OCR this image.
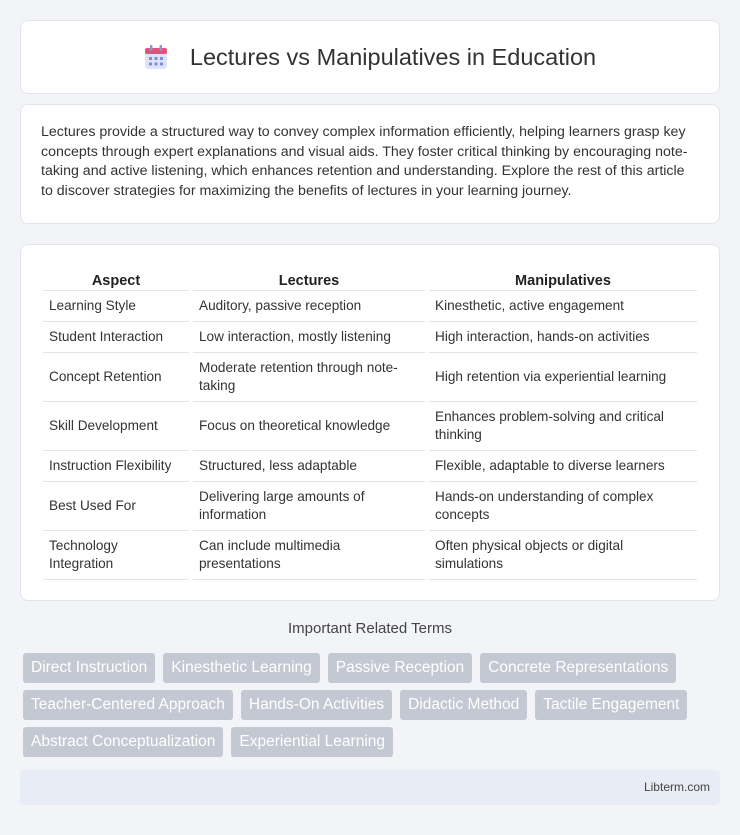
Lectures vs Manipulatives in Education

Lectures provide a structured way to convey complex information efficiently, helping learners grasp key concepts through expert explanations and visual aids. They foster critical thinking by encouraging note-taking and active listening, which enhances retention and understanding. Explore the rest of this article to discover strategies for maximizing the benefits of lectures in your learning journey.

Aspect	Lectures	Manipulatives
Learning Style	Auditory, passive reception	Kinesthetic, active engagement
Student Interaction	Low interaction, mostly listening	High interaction, hands-on activities
Concept Retention	Moderate retention through note-taking	High retention via experiential learning
Skill Development	Focus on theoretical knowledge	Enhances problem-solving and critical thinking
Instruction Flexibility	Structured, less adaptable	Flexible, adaptable to diverse learners
Best Used For	Delivering large amounts of information	Hands-on understanding of complex concepts
Technology Integration	Can include multimedia presentations	Often physical objects or digital simulations
Important Related Terms
Direct Instruction	Kinesthetic Learning	Passive Reception	Concrete Representations
Teacher-Centered Approach	Hands-On Activities	Didactic Method	Tactile Engagement
Abstract Conceptualization	Experiential Learning
Libterm.com
